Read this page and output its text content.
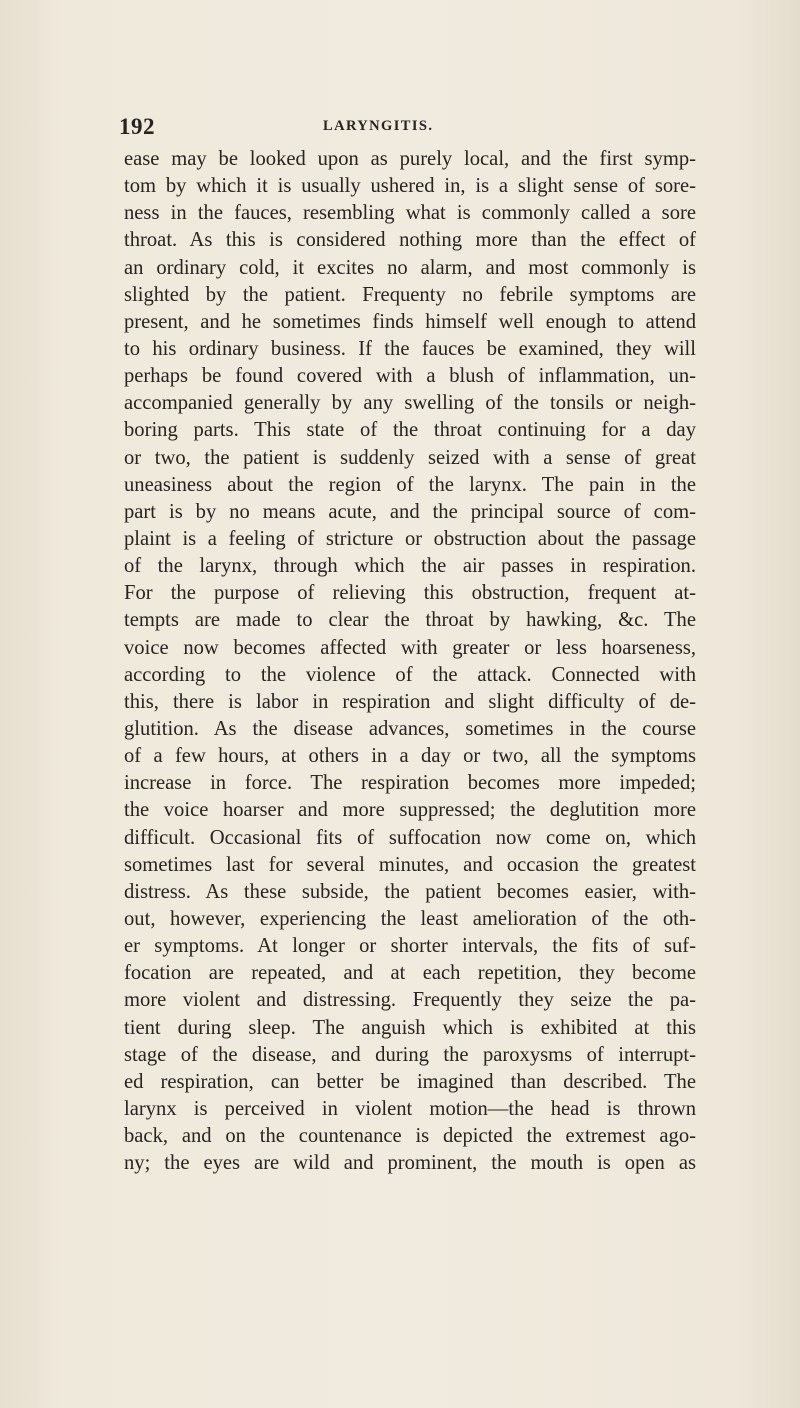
192	LARYNGITIS.
ease may be looked upon as purely local, and the first symp-
tom by which it is usually ushered in, is a slight sense of sore-
ness in the fauces, resembling what is commonly called a sore
throat. As this is considered nothing more than the effect of
an ordinary cold, it excites no alarm, and most commonly is
slighted by the patient. Frequenty no febrile symptoms are
present, and he sometimes finds himself well enough to attend
to his ordinary business. If the fauces be examined, they will
perhaps be found covered with a blush of inflammation, un-
accompanied generally by any swelling of the tonsils or neigh-
boring parts. This state of the throat continuing for a day
or two, the patient is suddenly seized with a sense of great
uneasiness about the region of the larynx. The pain in the
part is by no means acute, and the principal source of com-
plaint is a feeling of stricture or obstruction about the passage
of the larynx, through which the air passes in respiration.
For the purpose of relieving this obstruction, frequent at-
tempts are made to clear the throat by hawking, &c. The
voice now becomes affected with greater or less hoarseness,
according to the violence of the attack. Connected with
this, there is labor in respiration and slight difficulty of de-
glutition. As the disease advances, sometimes in the course
of a few hours, at others in a day or two, all the symptoms
increase in force. The respiration becomes more impeded;
the voice hoarser and more suppressed; the deglutition more
difficult. Occasional fits of suffocation now come on, which
sometimes last for several minutes, and occasion the greatest
distress. As these subside, the patient becomes easier, with-
out, however, experiencing the least amelioration of the oth-
er symptoms. At longer or shorter intervals, the fits of suf-
focation are repeated, and at each repetition, they become
more violent and distressing. Frequently they seize the pa-
tient during sleep. The anguish which is exhibited at this
stage of the disease, and during the paroxysms of interrupt-
ed respiration, can better be imagined than described. The
larynx is perceived in violent motion—the head is thrown
back, and on the countenance is depicted the extremest ago-
ny; the eyes are wild and prominent, the mouth is open as
